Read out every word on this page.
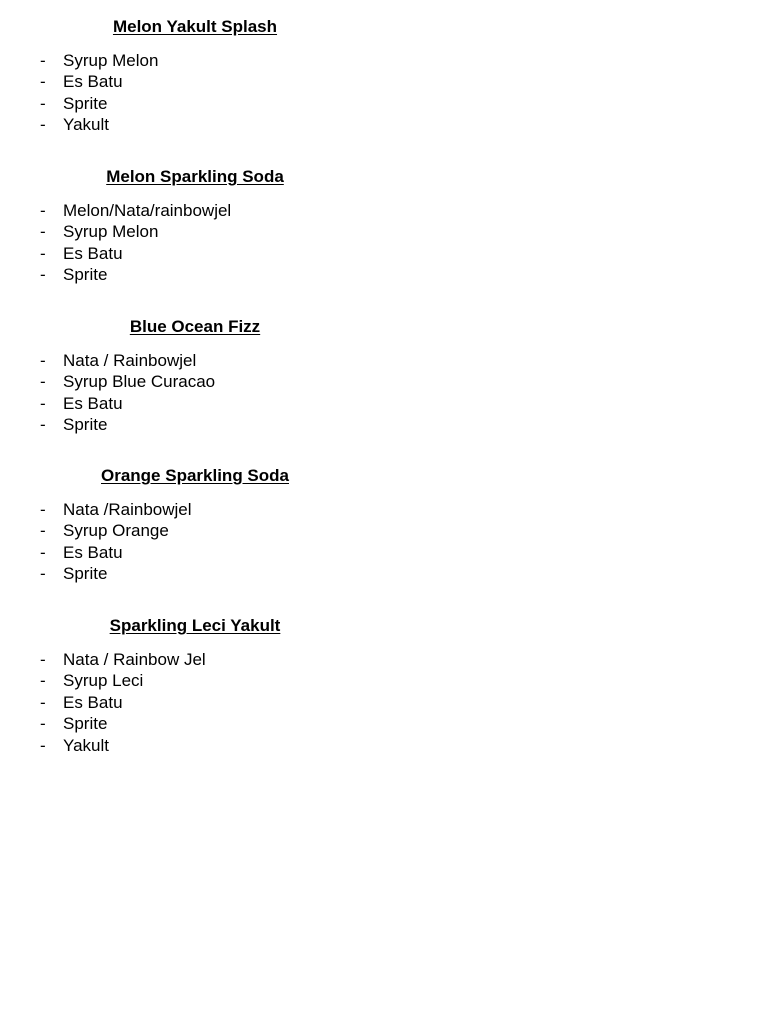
Melon Yakult Splash
- Syrup Melon
- Es Batu
- Sprite
- Yakult
Melon Sparkling Soda
- Melon/Nata/rainbowjel
- Syrup Melon
- Es Batu
- Sprite
Blue Ocean Fizz
- Nata / Rainbowjel
- Syrup Blue Curacao
- Es Batu
- Sprite
Orange Sparkling Soda
- Nata /Rainbowjel
- Syrup Orange
- Es Batu
- Sprite
Sparkling Leci Yakult
- Nata / Rainbow Jel
- Syrup Leci
- Es Batu
- Sprite
- Yakult
